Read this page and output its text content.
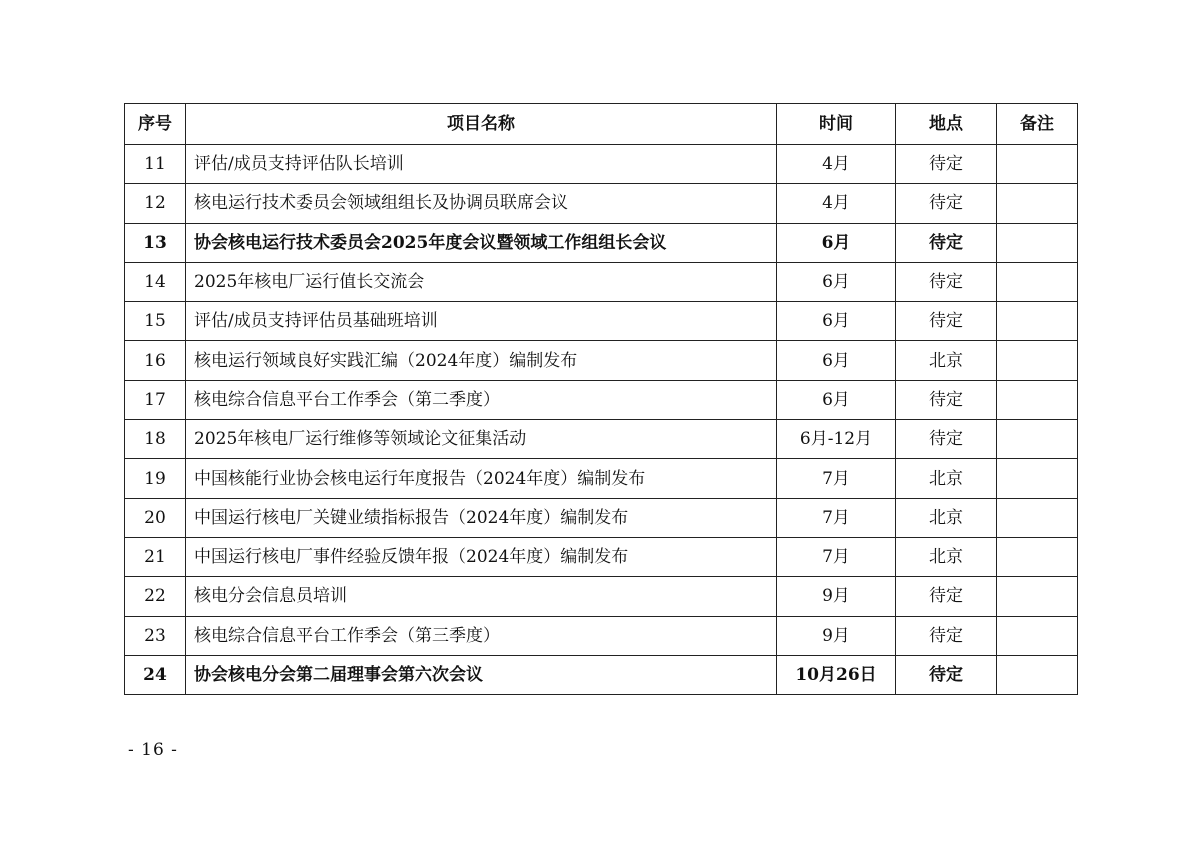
序号	项目名称	时间	地点	备注
11	评估/成员支持评估队长培训	4月	待定	
12	核电运行技术委员会领域组组长及协调员联席会议	4月	待定	
13	协会核电运行技术委员会2025年度会议暨领域工作组组长会议	6月	待定	
14	2025年核电厂运行值长交流会	6月	待定	
15	评估/成员支持评估员基础班培训	6月	待定	
16	核电运行领域良好实践汇编（2024年度）编制发布	6月	北京	
17	核电综合信息平台工作季会（第二季度）	6月	待定	
18	2025年核电厂运行维修等领域论文征集活动	6月-12月	待定	
19	中国核能行业协会核电运行年度报告（2024年度）编制发布	7月	北京	
20	中国运行核电厂关键业绩指标报告（2024年度）编制发布	7月	北京	
21	中国运行核电厂事件经验反馈年报（2024年度）编制发布	7月	北京	
22	核电分会信息员培训	9月	待定	
23	核电综合信息平台工作季会（第三季度）	9月	待定	
24	协会核电分会第二届理事会第六次会议	10月26日	待定	
- 16 -
